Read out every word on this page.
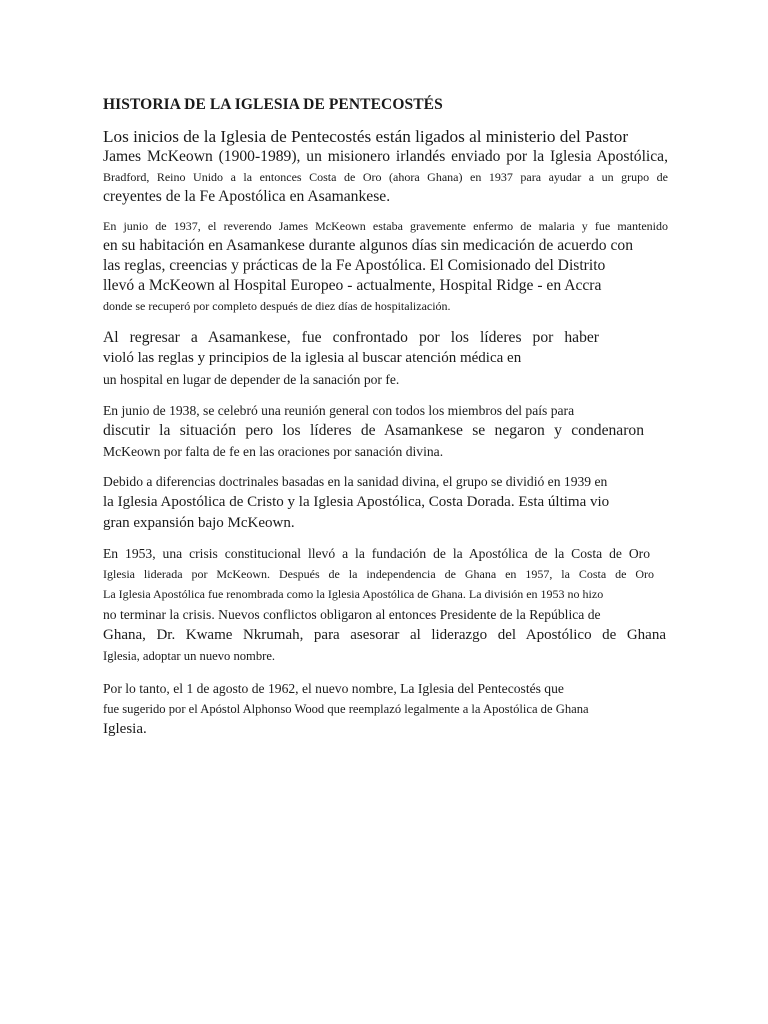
HISTORIA DE LA IGLESIA DE PENTECOSTÉS
Los inicios de la Iglesia de Pentecostés están ligados al ministerio del Pastor
James McKeown (1900-1989), un misionero irlandés enviado por la Iglesia Apostólica,
Bradford, Reino Unido a la entonces Costa de Oro (ahora Ghana) en 1937 para ayudar a un grupo de
creyentes de la Fe Apostólica en Asamankese.
En junio de 1937, el reverendo James McKeown estaba gravemente enfermo de malaria y fue mantenido
en su habitación en Asamankese durante algunos días sin medicación de acuerdo con
las reglas, creencias y prácticas de la Fe Apostólica. El Comisionado del Distrito
llevó a McKeown al Hospital Europeo - actualmente, Hospital Ridge - en Accra
donde se recuperó por completo después de diez días de hospitalización.
Al regresar a Asamankese, fue confrontado por los líderes por haber
violó las reglas y principios de la iglesia al buscar atención médica en
un hospital en lugar de depender de la sanación por fe.
En junio de 1938, se celebró una reunión general con todos los miembros del país para
discutir la situación pero los líderes de Asamankese se negaron y condenaron
McKeown por falta de fe en las oraciones por sanación divina.
Debido a diferencias doctrinales basadas en la sanidad divina, el grupo se dividió en 1939 en
la Iglesia Apostólica de Cristo y la Iglesia Apostólica, Costa Dorada. Esta última vio
gran expansión bajo McKeown.
En 1953, una crisis constitucional llevó a la fundación de la Apostólica de la Costa de Oro
Iglesia liderada por McKeown. Después de la independencia de Ghana en 1957, la Costa de Oro
La Iglesia Apostólica fue renombrada como la Iglesia Apostólica de Ghana. La división en 1953 no hizo
no terminar la crisis. Nuevos conflictos obligaron al entonces Presidente de la República de
Ghana, Dr. Kwame Nkrumah, para asesorar al liderazgo del Apostólico de Ghana
Iglesia, adoptar un nuevo nombre.
Por lo tanto, el 1 de agosto de 1962, el nuevo nombre, La Iglesia del Pentecostés que
fue sugerido por el Apóstol Alphonso Wood que reemplazó legalmente a la Apostólica de Ghana
Iglesia.
